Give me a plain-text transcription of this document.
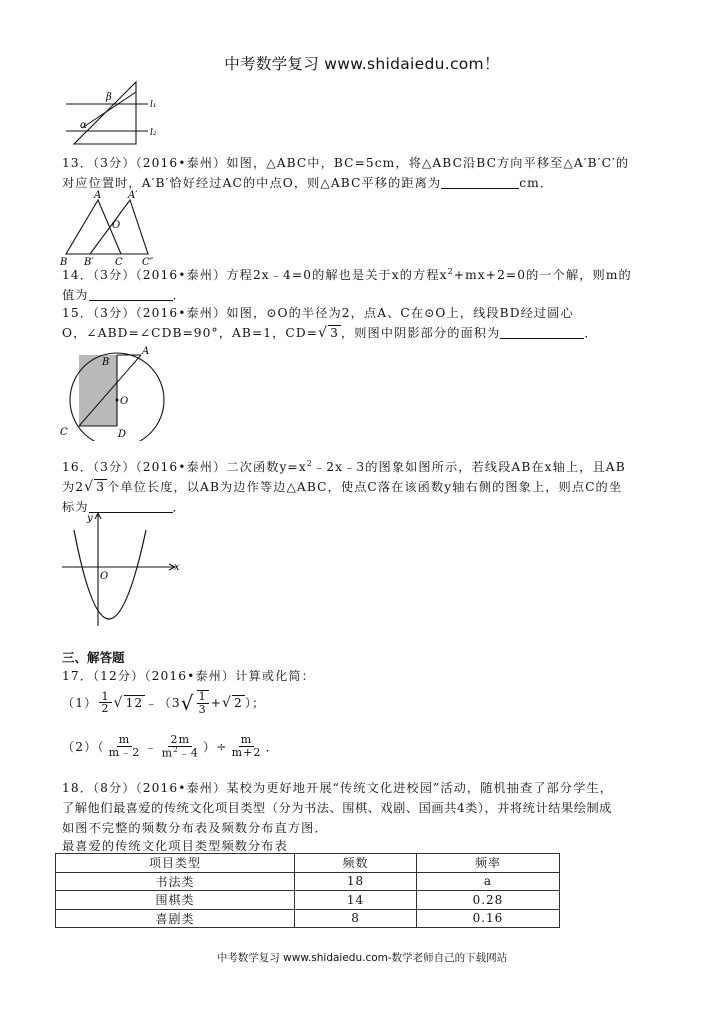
中考数学复习 www.shidaiedu.com！
β
α
l₁
l₂
13．（3分）（2016•泰州）如图，△ABC中，BC=5cm，将△ABC沿BC方向平移至△A′B′C′的
对应位置时，A′B′恰好经过AC的中点O，则△ABC平移的距离为	cm．
A	A′
O
B B′ C C″
14．（3分）（2016•泰州）方程2x﹣4=0的解也是关于x的方程$x^2+mx+2=0$的一个解，则m的
值为	．
15．（3分）（2016•泰州）如图，⊙O的半径为2，点A、C在⊙O上，线段BD经过圆心
O，∠ABD=∠CDB=90°，AB=1，CD=√ 3 ，则图中阴影部分的面积为	．
A
B
O
C	D
16．（3分）（2016•泰州）二次函数$y=x^2﹣2x﹣3$的图象如图所示，若线段AB在x轴上，且AB
为2√ 3 个单位长度，以AB为边作等边△ABC，使点C落在该函数y轴右侧的图象上，则点C的坐
标为	．
y
x
O
三、解答题
17．（12分）（2016•泰州）计算或化简：
$(1) \frac{1}{2}$ √ 12 ﹣（3 √ $\frac{1}{3}$ + √ 2 ）；
$(2)( \frac{m}{m﹣2}$ ﹣ $\frac{2m}{m^2﹣4}$ ）÷ $\frac{m}{m+2}$ ．
18．（8分）（2016•泰州）某校为更好地开展“传统文化进校园”活动，随机抽查了部分学生，
了解他们最喜爱的传统文化项目类型（分为书法、围棋、戏剧、国画共4类），并将统计结果绘制成
如图不完整的频数分布表及频数分布直方图．
最喜爱的传统文化项目类型频数分布表
项目类型	频数	频率
书法类	18	a
围棋类	14	0.28
喜剧类	8	0.16
中考数学复习 www.shidaiedu.com-数学老师自己的下载网站
